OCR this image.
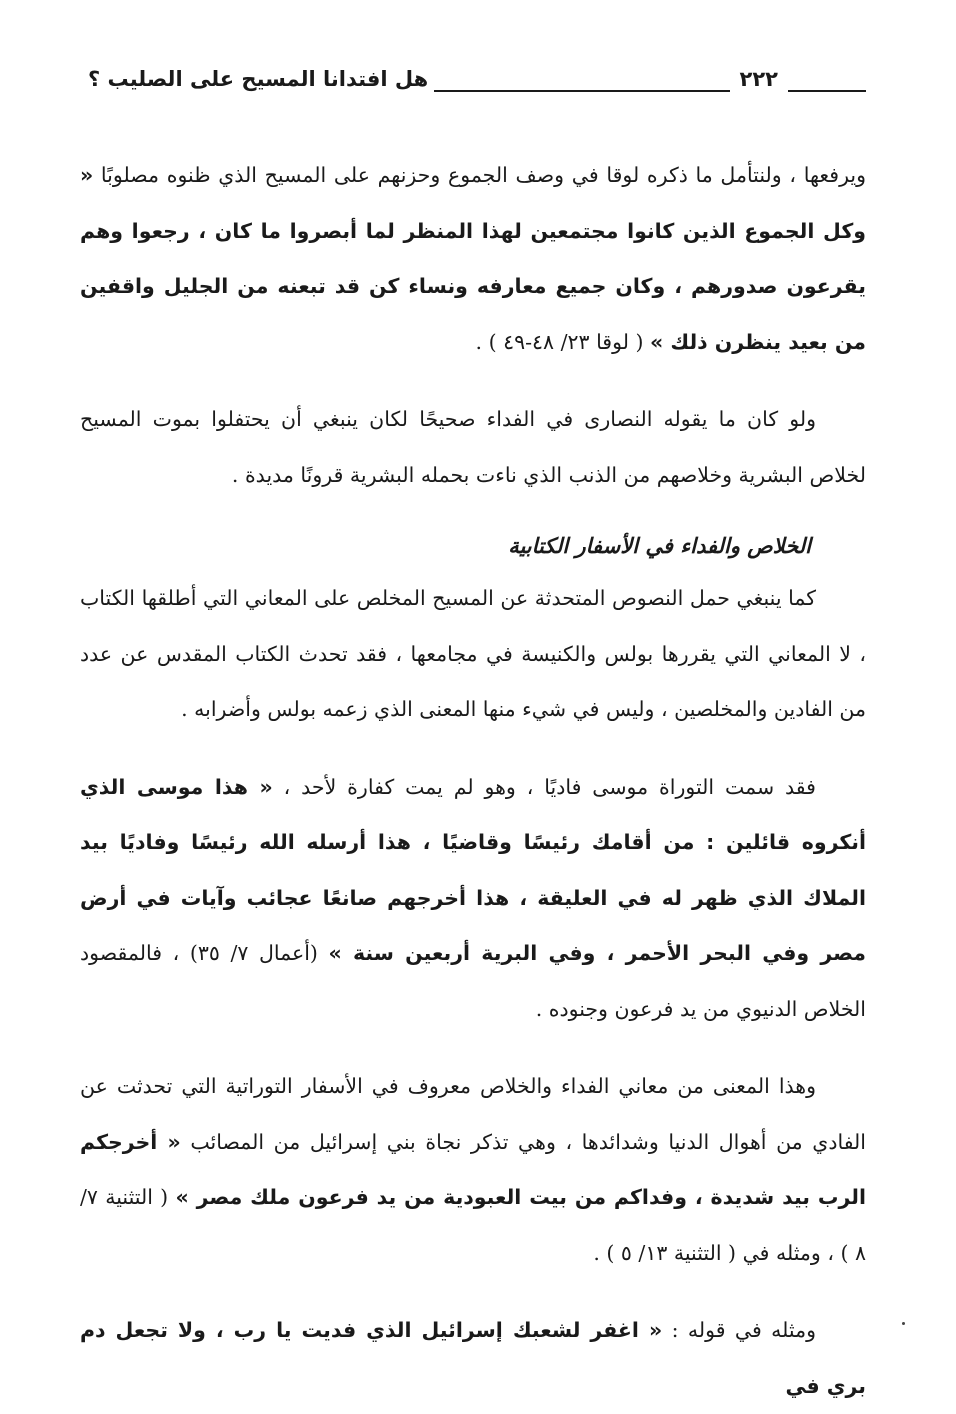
٢٢٢
هل افتدانا المسيح على الصليب ؟

ويرفعها ، ولنتأمل ما ذكره لوقا في وصف الجموع وحزنهم على المسيح الذي ظنوه مصلوبًا « وكل الجموع الذين كانوا مجتمعين لهذا المنظر لما أبصروا ما كان ، رجعوا وهم يقرعون صدورهم ، وكان جميع معارفه ونساء كن قد تبعنه من الجليل واقفين من بعيد ينظرن ذلك » ( لوقا ٢٣/ ٤٨-٤٩ ) .

ولو كان ما يقوله النصارى في الفداء صحيحًا لكان ينبغي أن يحتفلوا بموت المسيح لخلاص البشرية وخلاصهم من الذنب الذي ناءت بحمله البشرية قرونًا مديدة .

الخلاص والفداء في الأسفار الكتابية

كما ينبغي حمل النصوص المتحدثة عن المسيح المخلص على المعاني التي أطلقها الكتاب ، لا المعاني التي يقررها بولس والكنيسة في مجامعها ، فقد تحدث الكتاب المقدس عن عدد من الفادين والمخلصين ، وليس في شيء منها المعنى الذي زعمه بولس وأضرابه .

فقد سمت التوراة موسى فاديًا ، وهو لم يمت كفارة لأحد ، « هذا موسى الذي أنكروه قائلين : من أقامك رئيسًا وقاضيًا ، هذا أرسله الله رئيسًا وفاديًا بيد الملاك الذي ظهر له في العليقة ، هذا أخرجهم صانعًا عجائب وآيات في أرض مصر وفي البحر الأحمر ، وفي البرية أربعين سنة » (أعمال ٧/ ٣٥) ، فالمقصود الخلاص الدنيوي من يد فرعون وجنوده .

وهذا المعنى من معاني الفداء والخلاص معروف في الأسفار التوراتية التي تحدثت عن الفادي من أهوال الدنيا وشدائدها ، وهي تذكر نجاة بني إسرائيل من المصائب « أخرجكم الرب بيد شديدة ، وفداكم من بيت العبودية من يد فرعون ملك مصر » ( التثنية ٧/ ٨ ) ، ومثله في ( التثنية ١٣/ ٥ ) .

ومثله في قوله : « اغفر لشعبك إسرائيل الذي فديت يا رب ، ولا تجعل دم بري في
